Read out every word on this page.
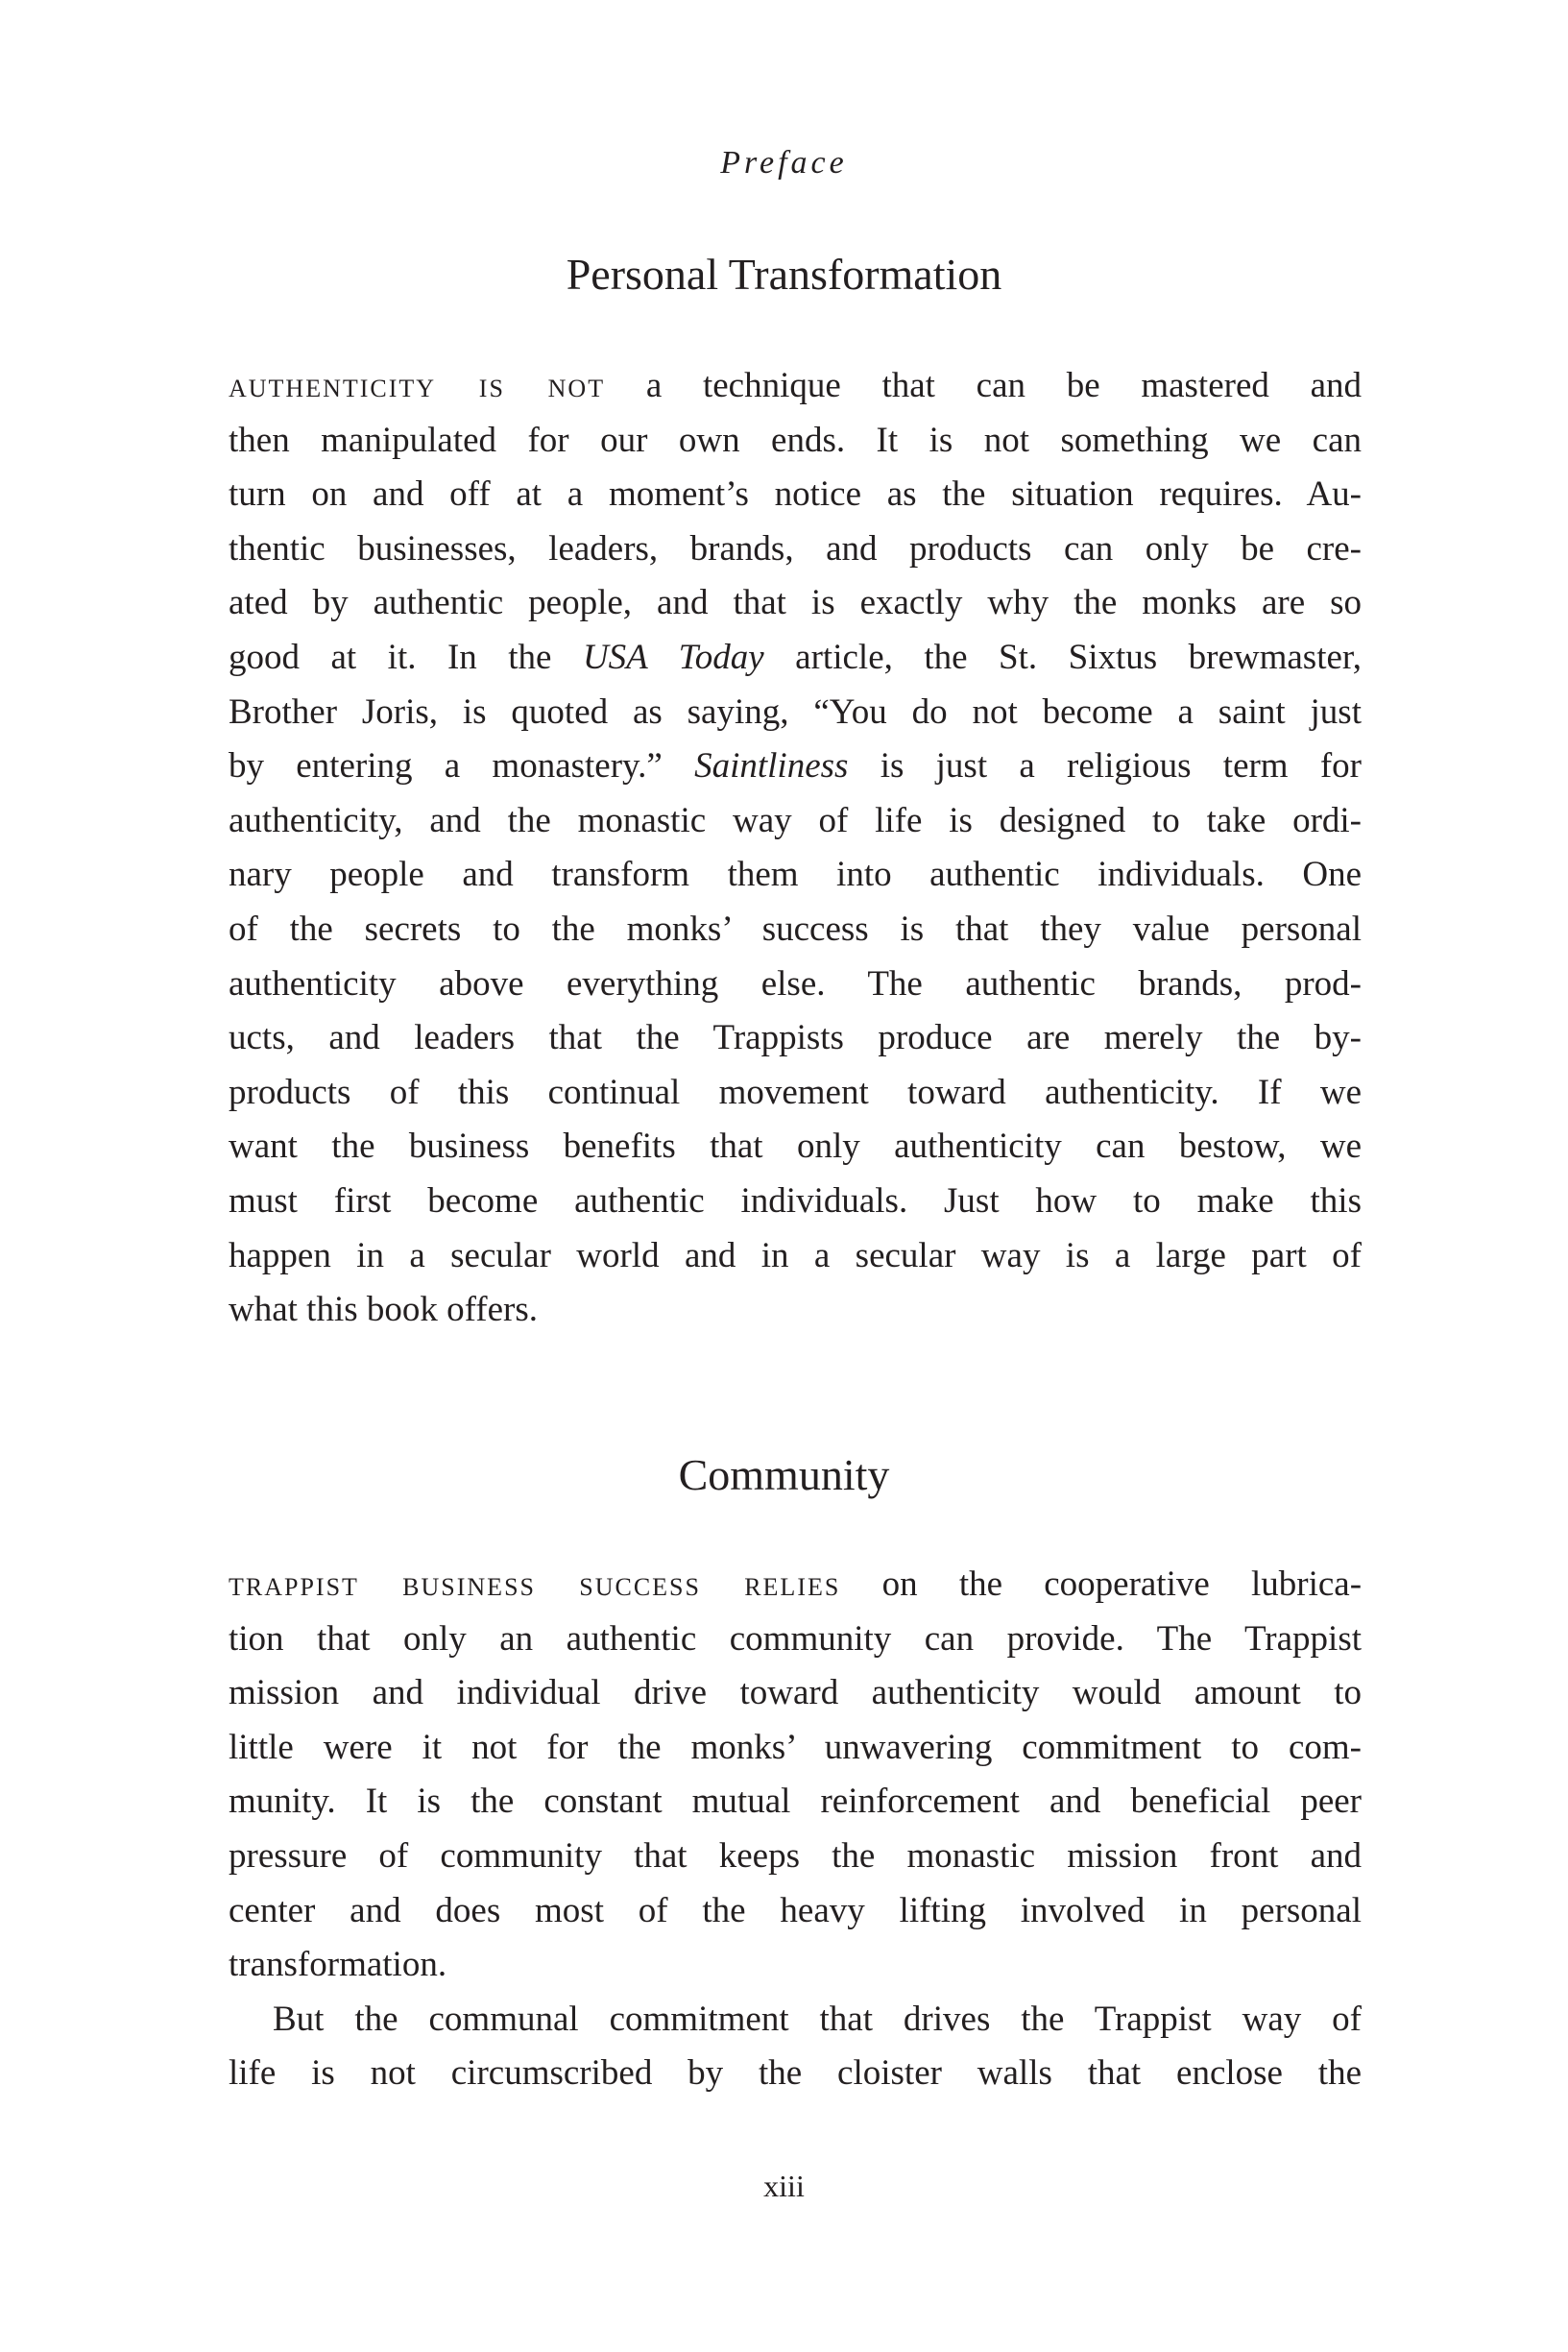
Preface
Personal Transformation
authenticity is not a technique that can be mastered and
then manipulated for our own ends. It is not something we can
turn on and off at a moment’s notice as the situation requires. Au-
thentic businesses, leaders, brands, and products can only be cre-
ated by authentic people, and that is exactly why the monks are so
good at it. In the USA Today article, the St. Sixtus brewmaster,
Brother Joris, is quoted as saying, “You do not become a saint just
by entering a monastery.” Saintliness is just a religious term for
authenticity, and the monastic way of life is designed to take ordi-
nary people and transform them into authentic individuals. One
of the secrets to the monks’ success is that they value personal
authenticity above everything else. The authentic brands, prod-
ucts, and leaders that the Trappists produce are merely the by-
products of this continual movement toward authenticity. If we
want the business benefits that only authenticity can bestow, we
must first become authentic individuals. Just how to make this
happen in a secular world and in a secular way is a large part of
what this book offers.
Community
trappist business success relies on the cooperative lubrica-
tion that only an authentic community can provide. The Trappist
mission and individual drive toward authenticity would amount to
little were it not for the monks’ unwavering commitment to com-
munity. It is the constant mutual reinforcement and beneficial peer
pressure of community that keeps the monastic mission front and
center and does most of the heavy lifting involved in personal
transformation.
But the communal commitment that drives the Trappist way of
life is not circumscribed by the cloister walls that enclose the
xiii
